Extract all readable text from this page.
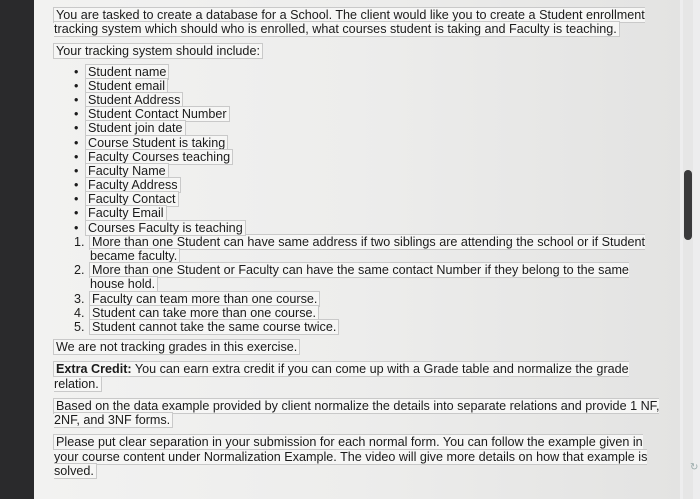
You are tasked to create a database for a School. The client would like you to create a Student enrollment tracking system which should who is enrolled, what courses student is taking and Faculty is teaching.

Your tracking system should include:
• Student name
• Student email
• Student Address
• Student Contact Number
• Student join date
• Course Student is taking
• Faculty Courses teaching
• Faculty Name
• Faculty Address
• Faculty Contact
• Faculty Email
• Courses Faculty is teaching
1. More than one Student can have same address if two siblings are attending the school or if Student became faculty.
2. More than one Student or Faculty can have the same contact Number if they belong to the same house hold.
3. Faculty can team more than one course.
4. Student can take more than one course.
5. Student cannot take the same course twice.

We are not tracking grades in this exercise.

Extra Credit: You can earn extra credit if you can come up with a Grade table and normalize the grade relation.

Based on the data example provided by client normalize the details into separate relations and provide 1 NF, 2NF, and 3NF forms.

Please put clear separation in your submission for each normal form. You can follow the example given in your course content under Normalization Example. The video will give more details on how that example is solved.	↻
